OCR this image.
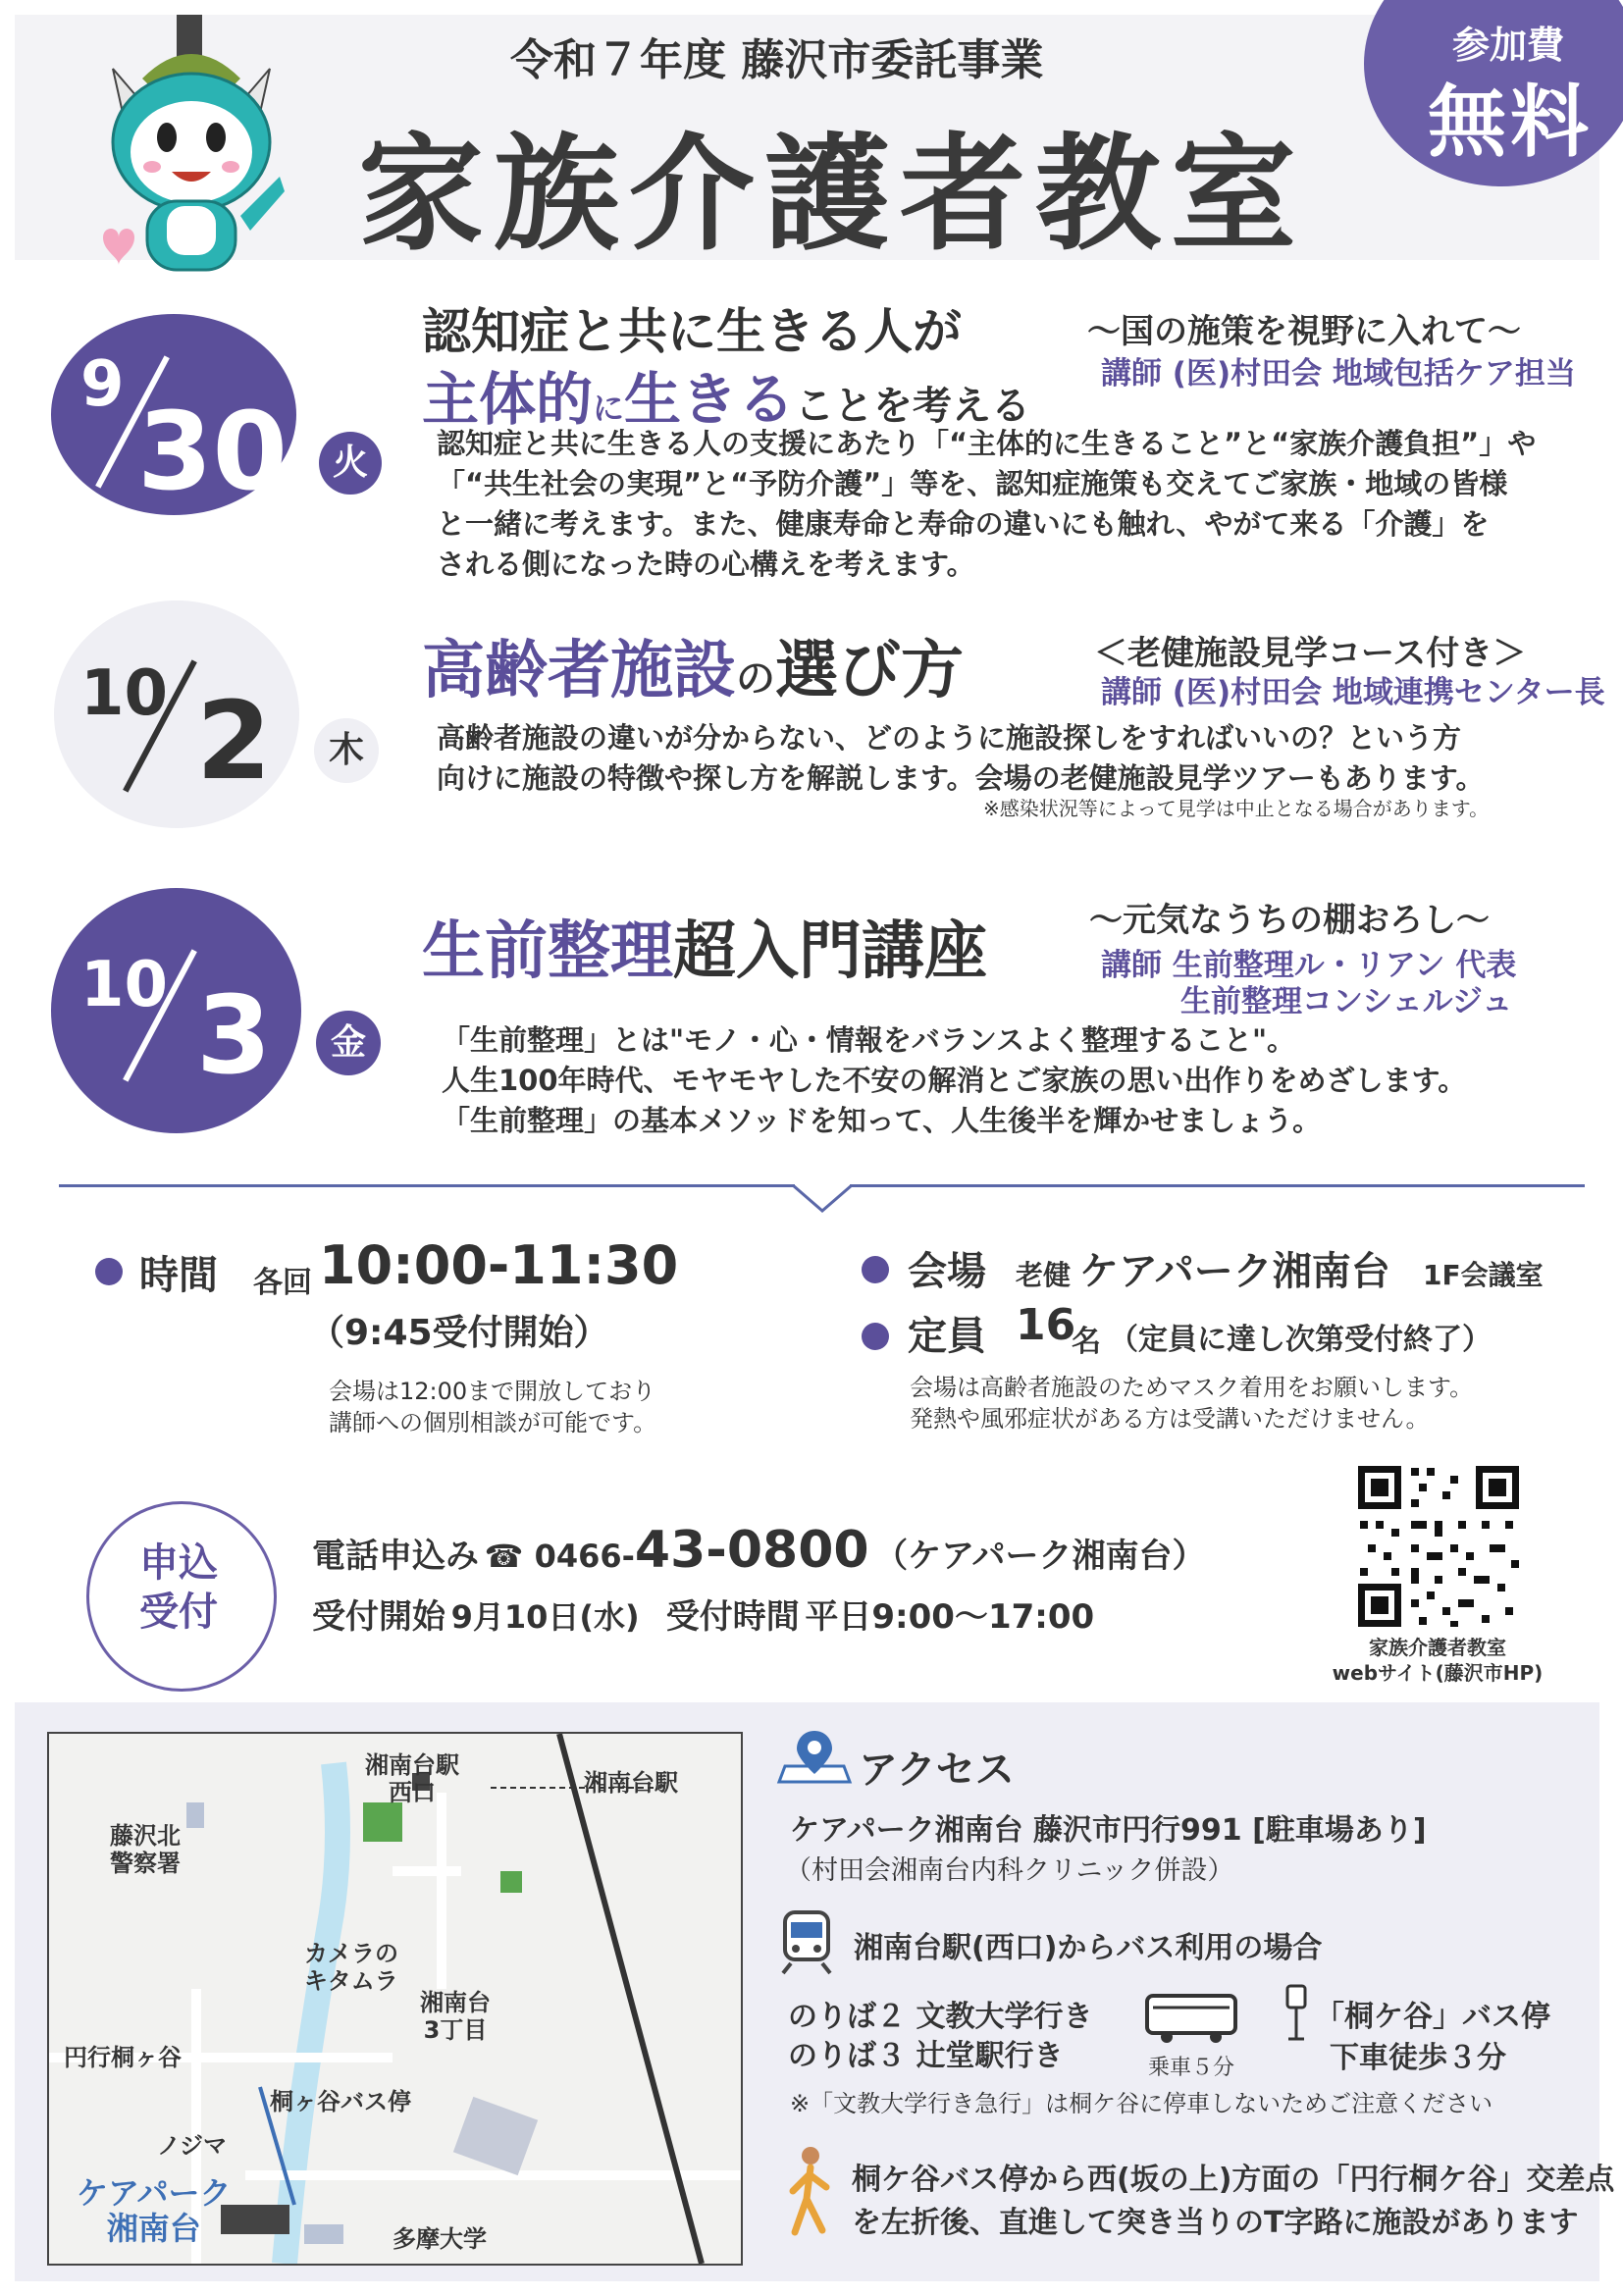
参加費
無料
令和７年度 藤沢市委託事業
家族介護者教室
9
30	火
認知症と共に生きる人が
主体的に生きることを考える
～国の施策を視野に入れて～
講師 (医)村田会 地域包括ケア担当
認知症と共に生きる人の支援にあたり「“主体的に生きること”と“家族介護負担”」や
「“共生社会の実現”と“予防介護”」等を、認知症施策も交えてご家族・地域の皆様
と一緒に考えます。また、健康寿命と寿命の違いにも触れ、やがて来る「介護」を
される側になった時の心構えを考えます。
10 2	木
高齢者施設の選び方	＜老健施設見学コース付き＞
講師 (医)村田会 地域連携センター長
高齢者施設の違いが分からない、どのように施設探しをすればいいの？という方
向けに施設の特徴や探し方を解説します。会場の老健施設見学ツアーもあります。
※感染状況等によって見学は中止となる場合があります。
10 3	金
生前整理超入門講座	～元気なうちの棚おろし～
講師 生前整理ル・リアン 代表
生前整理コンシェルジュ
「生前整理」とは"モノ・心・情報をバランスよく整理すること"。
人生100年時代、モヤモヤした不安の解消とご家族の思い出作りをめざします。
「生前整理」の基本メソッドを知って、人生後半を輝かせましょう。
時間 各回 10:00-11:30
（9:45受付開始）
会場は12:00まで開放しており
講師への個別相談が可能です。
会場 老健 ケアパーク湘南台 1F会議室
定員 16
名 （定員に達し次第受付終了）
会場は高齢者施設のためマスク着用をお願いします。
発熱や風邪症状がある方は受講いただけません。
申込
受付
電話申込み ☎ 0466-43-0800 （ケアパーク湘南台）
受付開始 9月10日(水) 受付時間 平日9:00～17:00
家族介護者教室
webサイト(藤沢市HP)
湘南台駅
西口	湘南台駅
藤沢北
警察署
カメラの
キタムラ
湘南台
3丁目
円行桐ヶ谷
桐ヶ谷バス停
ノジマ
ケアパーク
湘南台	多摩大学
アクセス
ケアパーク湘南台 藤沢市円行991 [駐車場あり]
（村田会湘南台内科クリニック併設）
湘南台駅(西口)からバス利用の場合
のりば２ 文教大学行き
のりば３ 辻堂駅行き	乗車５分
「桐ケ谷」バス停
下車徒歩３分
※「文教大学行き急行」は桐ケ谷に停車しないためご注意ください
桐ケ谷バス停から西(坂の上)方面の「円行桐ケ谷」交差点
を左折後、直進して突き当りのT字路に施設があります
